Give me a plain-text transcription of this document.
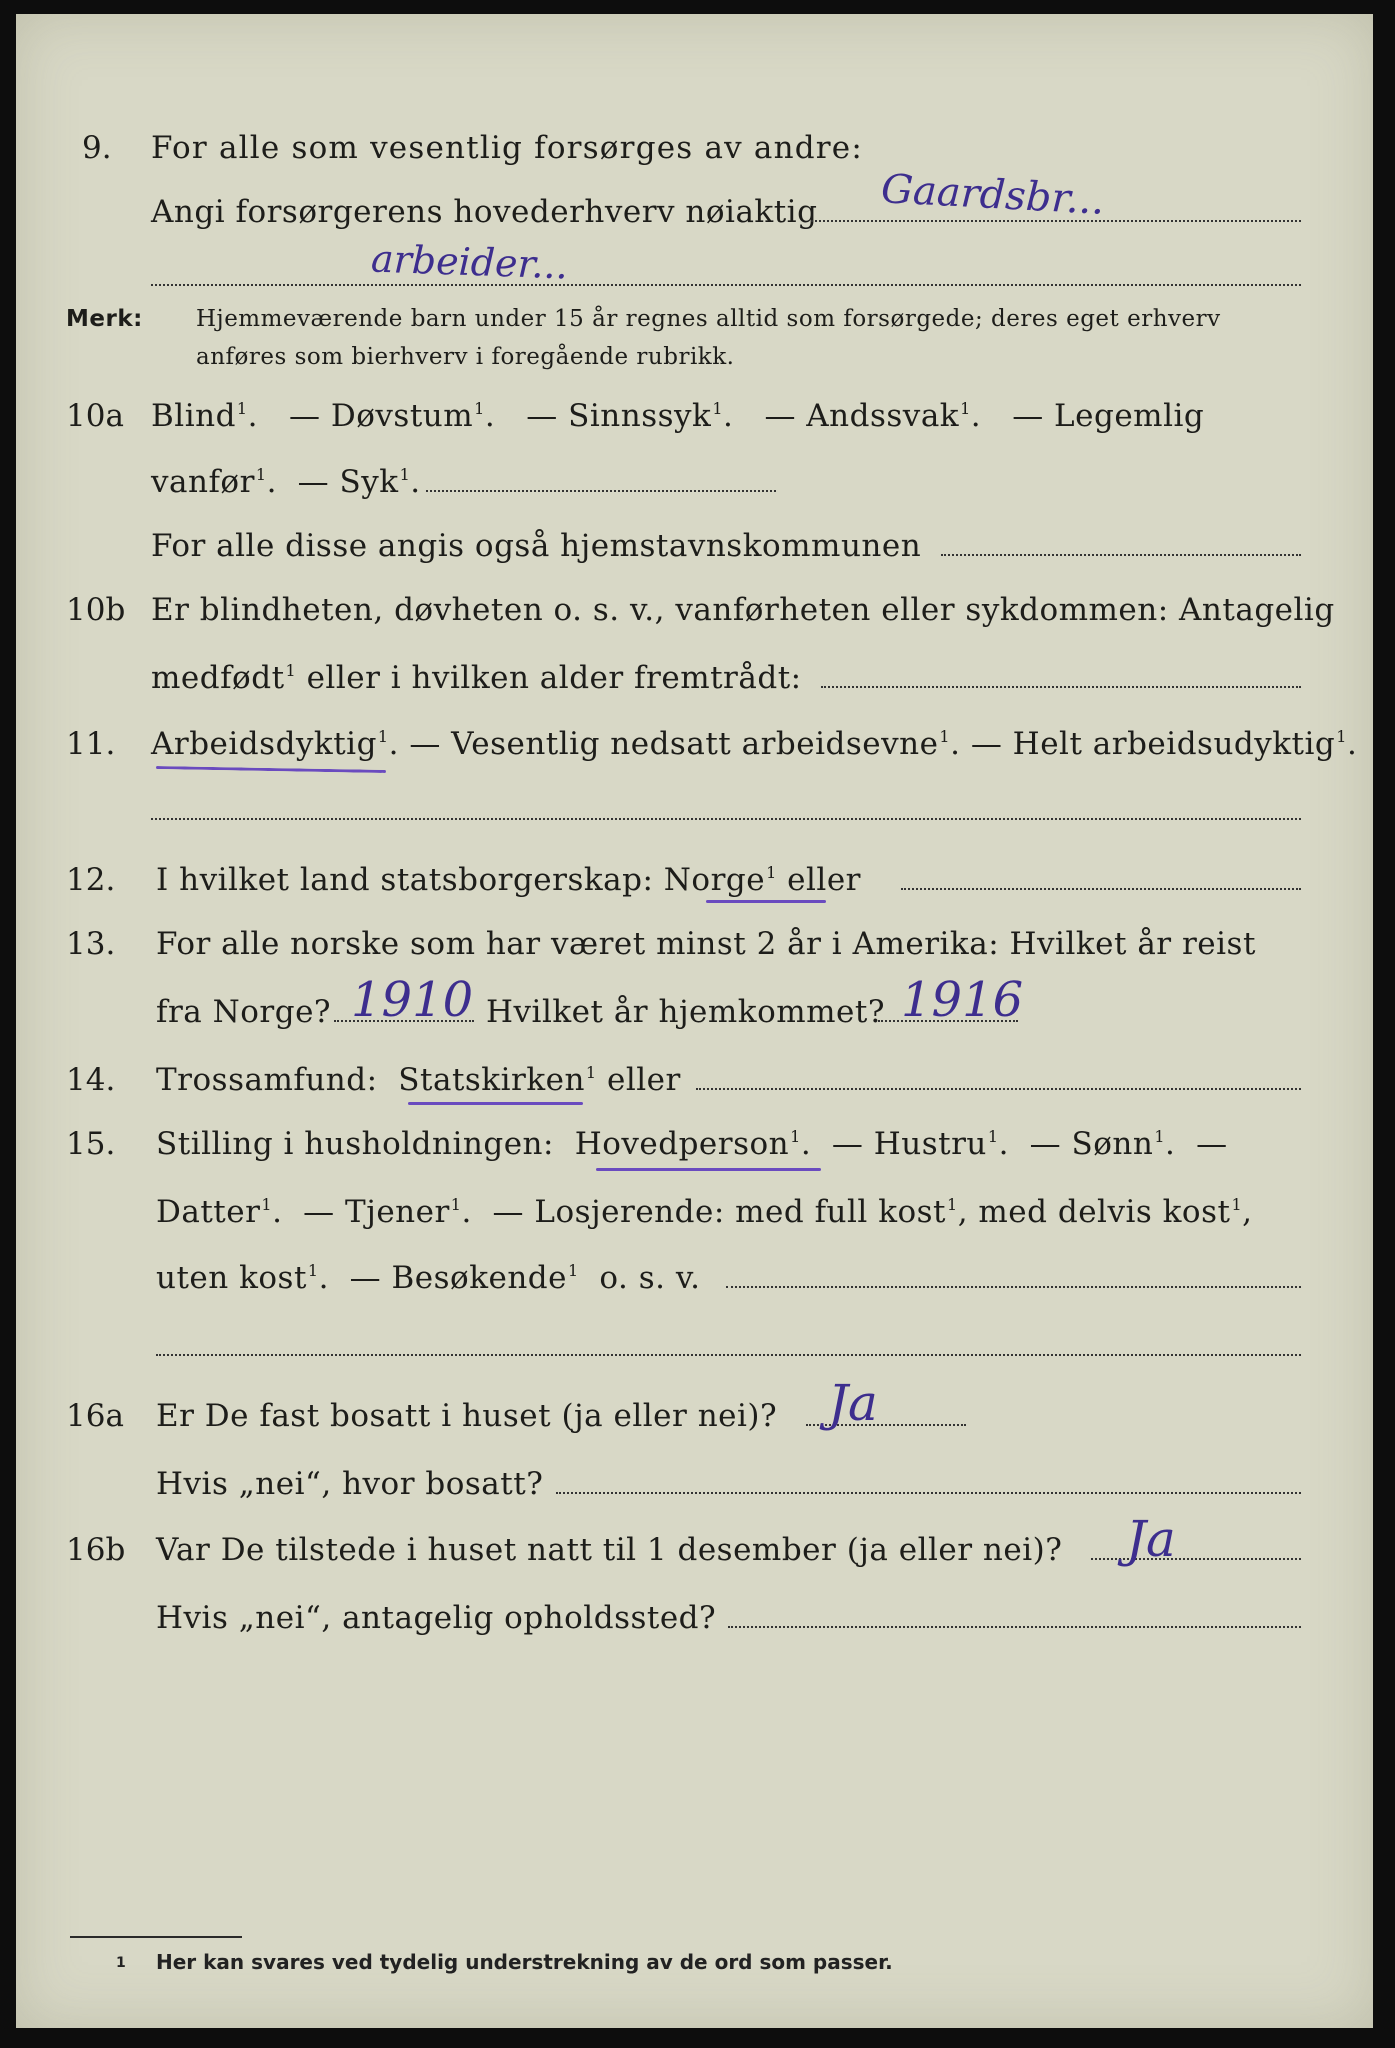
9. For alle som vesentlig forsørges av andre:
Angi forsørgerens hovederhverv nøiaktig Gaardsbr...
arbeider...
Merk: Hjemmeværende barn under 15 år regnes alltid som forsørgede; deres eget erhverv
anføres som bierhverv i foregående rubrikk.
10a Blind$^1$.   — Døvstum$^1$.   — Sinnssyk$^1$.   — Andssvak$^1$.   — Legemlig
vanfør$^1$.  — Syk$^1$.
For alle disse angis også hjemstavnskommunen
10b Er blindheten, døvheten o. s. v., vanførheten eller sykdommen: Antagelig
medfødt$^1$ eller i hvilken alder fremtrådt:
11. Arbeidsdyktig$^1$. — Vesentlig nedsatt arbeidsevne$^1$. — Helt arbeidsudyktig$^1$.
12. I hvilket land statsborgerskap: Norge$^1$ eller
13. For alle norske som har været minst 2 år i Amerika: Hvilket år reist
fra Norge? 1910 Hvilket år hjemkommet? 1916
14. Trossamfund: Statskirken$^1$ eller
15. Stilling i husholdningen: Hovedperson$^1$.  — Hustru$^1$.  — Sønn$^1$.  —
Datter$^1$.  — Tjener$^1$.  — Losjerende: med full kost$^1$, med delvis kost$^1$,
uten kost$^1$.  — Besøkende$^1$ o. s. v.
16a Er De fast bosatt i huset (ja eller nei)? Ja
Hvis „nei“, hvor bosatt?
16b Var De tilstede i huset natt til 1 desember (ja eller nei)? Ja
Hvis „nei“, antagelig opholdssted?
1 Her kan svares ved tydelig understrekning av de ord som passer.
